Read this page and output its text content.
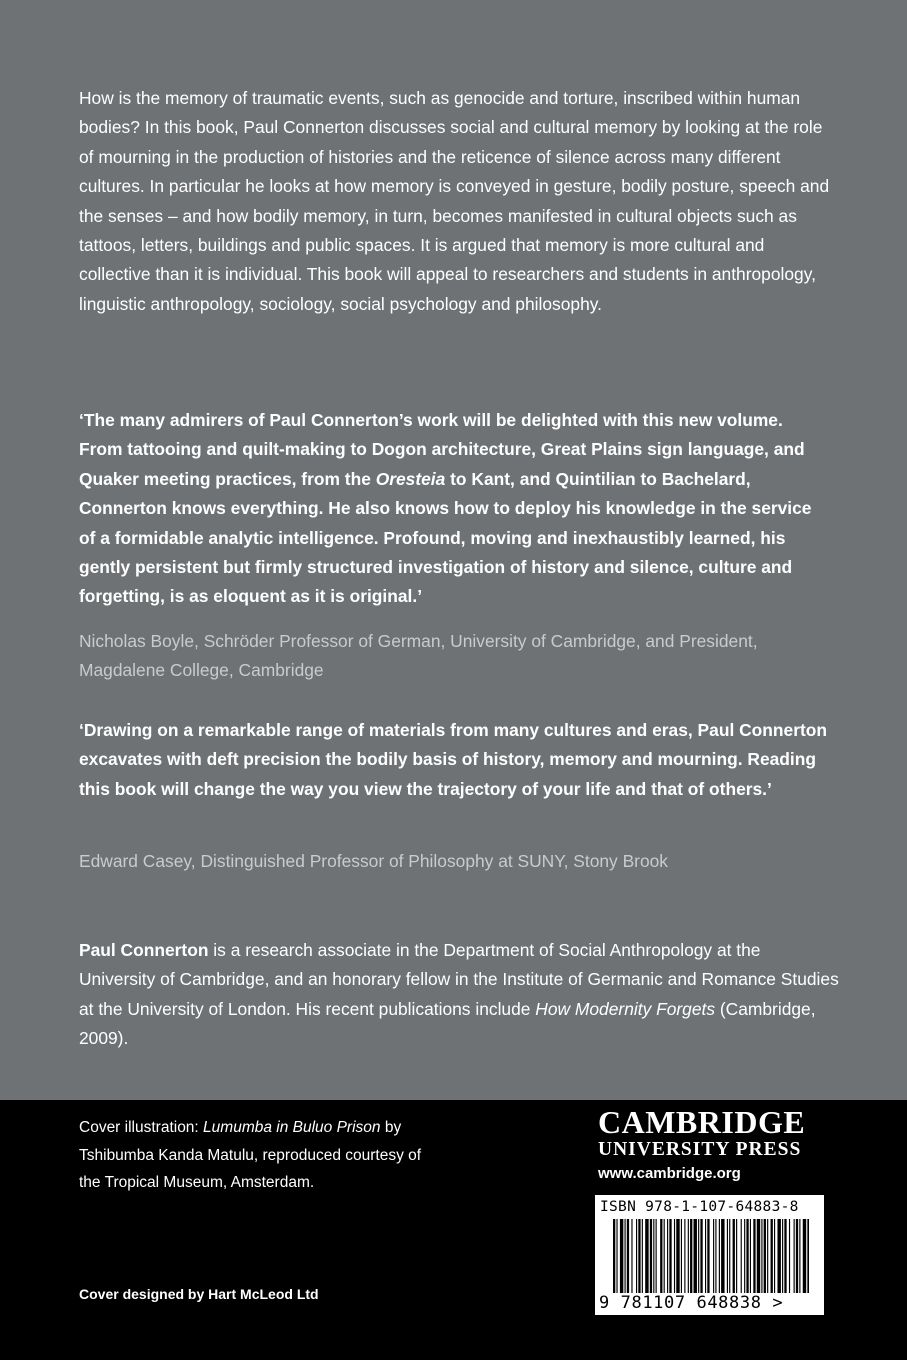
How is the memory of traumatic events, such as genocide and torture, inscribed within human bodies? In this book, Paul Connerton discusses social and cultural memory by looking at the role of mourning in the production of histories and the reticence of silence across many different cultures. In particular he looks at how memory is conveyed in gesture, bodily posture, speech and the senses – and how bodily memory, in turn, becomes manifested in cultural objects such as tattoos, letters, buildings and public spaces. It is argued that memory is more cultural and collective than it is individual. This book will appeal to researchers and students in anthropology, linguistic anthropology, sociology, social psychology and philosophy.

‘The many admirers of Paul Connerton’s work will be delighted with this new volume. From tattooing and quilt-making to Dogon architecture, Great Plains sign language, and Quaker meeting practices, from the Oresteia to Kant, and Quintilian to Bachelard, Connerton knows everything. He also knows how to deploy his knowledge in the service of a formidable analytic intelligence. Profound, moving and inexhaustibly learned, his gently persistent but firmly structured investigation of history and silence, culture and forgetting, is as eloquent as it is original.’

Nicholas Boyle, Schröder Professor of German, University of Cambridge, and President, Magdalene College, Cambridge

‘Drawing on a remarkable range of materials from many cultures and eras, Paul Connerton excavates with deft precision the bodily basis of history, memory and mourning. Reading this book will change the way you view the trajectory of your life and that of others.’

Edward Casey, Distinguished Professor of Philosophy at SUNY, Stony Brook

Paul Connerton is a research associate in the Department of Social Anthropology at the University of Cambridge, and an honorary fellow in the Institute of Germanic and Romance Studies at the University of London. His recent publications include How Modernity Forgets (Cambridge, 2009).

Cover illustration: Lumumba in Buluo Prison by Tshibumba Kanda Matulu, reproduced courtesy of the Tropical Museum, Amsterdam.

Cover designed by Hart McLeod Ltd

CAMBRIDGE
UNIVERSITY PRESS
www.cambridge.org
ISBN 978-1-107-64883-8
9 781107 648838 >
